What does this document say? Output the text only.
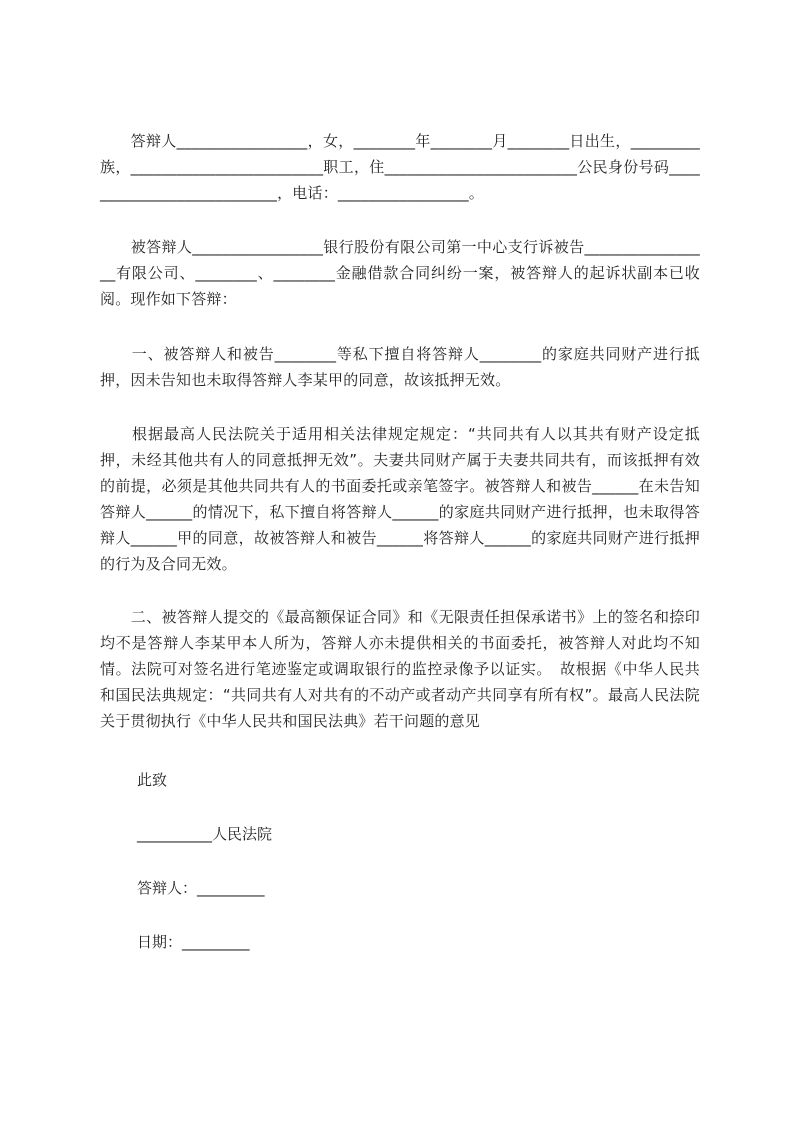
　　答辩人_________________，女，________年________月________日出生，_________族，_________________________职工，住_________________________公民身份号码___________________________，电话：_________________。

　　被答辩人_________________银行股份有限公司第一中心支行诉被告_________________有限公司、________、________金融借款合同纠纷一案，被答辩人的起诉状副本已收阅。现作如下答辩：

　　一、被答辩人和被告________等私下擅自将答辩人________的家庭共同财产进行抵押，因未告知也未取得答辩人李某甲的同意，故该抵押无效。

　　根据最高人民法院关于适用相关法律规定规定：“共同共有人以其共有财产设定抵押，未经其他共有人的同意抵押无效”。夫妻共同财产属于夫妻共同共有，而该抵押有效的前提，必须是其他共同共有人的书面委托或亲笔签字。被答辩人和被告______在未告知答辩人______的情况下，私下擅自将答辩人______的家庭共同财产进行抵押，也未取得答辩人______甲的同意，故被答辩人和被告______将答辩人______的家庭共同财产进行抵押的行为及合同无效。

　　二、被答辩人提交的《最高额保证合同》和《无限责任担保承诺书》上的签名和捺印均不是答辩人李某甲本人所为，答辩人亦未提供相关的书面委托，被答辩人对此均不知情。法院可对签名进行笔迹鉴定或调取银行的监控录像予以证实。　故根据《中华人民共和国民法典规定：“共同共有人对共有的不动产或者动产共同享有所有权”。最高人民法院关于贯彻执行《中华人民共和国民法典》若干问题的意见

此致
__________人民法院
答辩人：_________
日期：_________
